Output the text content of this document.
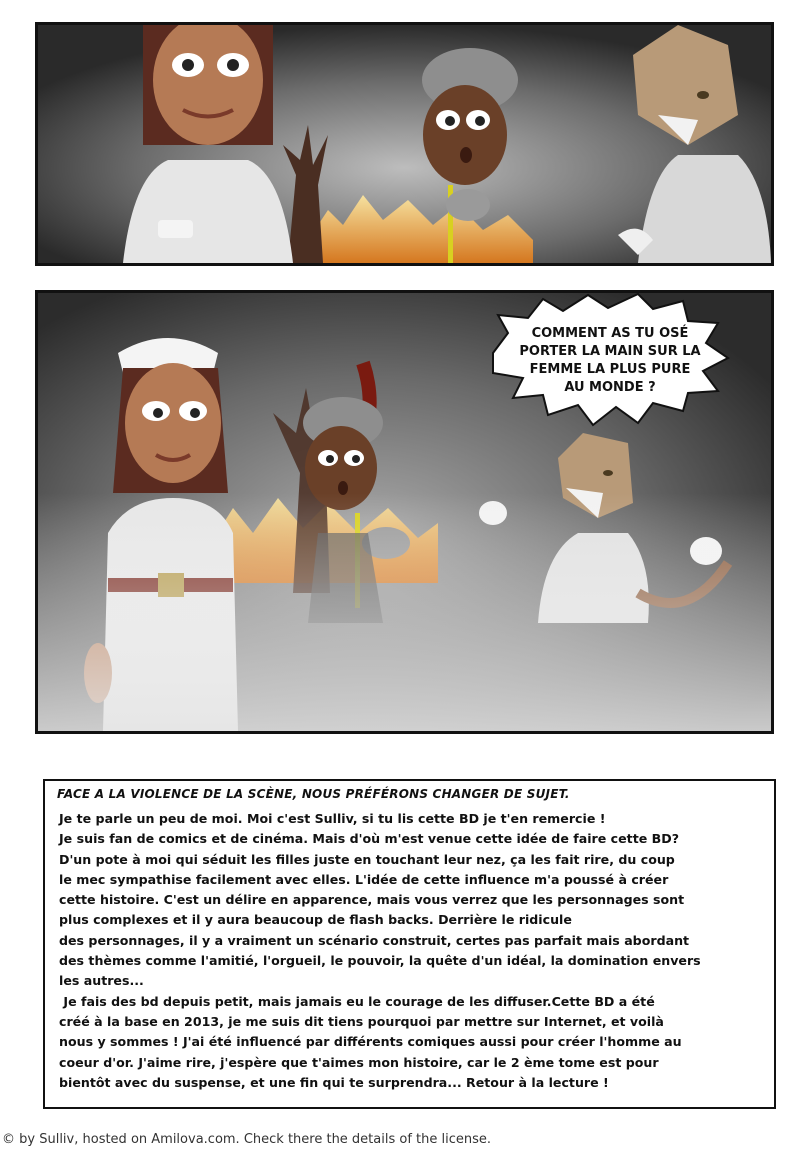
COMMENT AS TU OSÉ
PORTER LA MAIN SUR LA
FEMME LA PLUS PURE
AU MONDE ?
FACE A LA VIOLENCE DE LA SCÈNE, NOUS PRÉFÉRONS CHANGER DE SUJET.

Je te parle un peu de moi. Moi c'est Sulliv, si tu lis cette BD je t'en remercie !

Je suis fan de comics et de cinéma. Mais d'où m'est venue cette idée de faire cette BD?

D'un pote à moi qui séduit les filles juste en touchant leur nez, ça les fait rire, du coup

le mec sympathise facilement avec elles. L'idée de cette influence m'a poussé à créer

cette histoire. C'est un délire en apparence, mais vous verrez que les personnages sont

plus complexes et il y aura beaucoup de flash backs. Derrière le ridicule

des personnages, il y a vraiment un scénario construit, certes pas parfait mais abordant

des thèmes comme l'amitié, l'orgueil, le pouvoir, la quête d'un idéal, la domination envers

les autres...

Je fais des bd depuis petit, mais jamais eu le courage de les diffuser.Cette BD a été

créé à la base en 2013, je me suis dit tiens pourquoi par mettre sur Internet, et voilà

nous y sommes ! J'ai été influencé par différents comiques aussi pour créer l'homme au

coeur d'or. J'aime rire, j'espère que t'aimes mon histoire, car le 2 ème tome est pour

bientôt avec du suspense, et une fin qui te surprendra... Retour à la lecture !

© by Sulliv, hosted on Amilova.com. Check there the details of the license.
